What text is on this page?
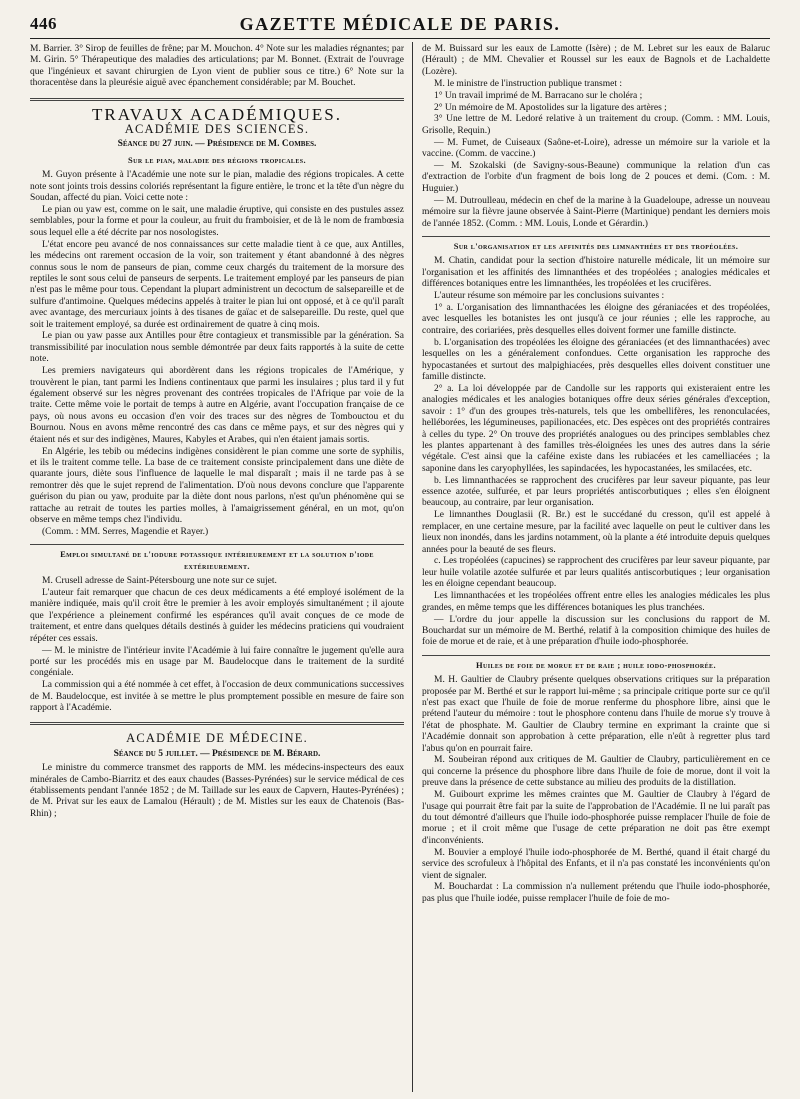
446	GAZETTE MÉDICALE DE PARIS.

M. Barrier. 3° Sirop de feuilles de frêne; par M. Mouchon. 4° Note sur les maladies régnantes; par M. Girin. 5° Thérapeutique des maladies des articulations; par M. Bonnet. (Extrait de l'ouvrage que l'ingénieux et savant chirurgien de Lyon vient de publier sous ce titre.) 6° Note sur la thoracentèse dans la pleurésie aiguë avec épanchement considérable; par M. Bouchet.

TRAVAUX ACADÉMIQUES.
ACADÉMIE DES SCIENCES.
Séance du 27 juin. — Présidence de M. Combes.
Sur le pian, maladie des régions tropicales.

M. Guyon présente à l'Académie une note sur le pian, maladie des régions tropicales. A cette note sont joints trois dessins coloriés représentant la figure entière, le tronc et la tête d'un nègre du Soudan, affecté du pian. Voici cette note :

Le pian ou yaw est, comme on le sait, une maladie éruptive, qui consiste en des pustules assez semblables, pour la forme et pour la couleur, au fruit du framboisier, et de là le nom de frambœsia sous lequel elle a été décrite par nos nosologistes.

L'état encore peu avancé de nos connaissances sur cette maladie tient à ce que, aux Antilles, les médecins ont rarement occasion de la voir, son traitement y étant abandonné à des nègres connus sous le nom de panseurs de pian, comme ceux chargés du traitement de la morsure des reptiles le sont sous celui de panseurs de serpents. Le traitement employé par les panseurs de pian n'est pas le même pour tous. Cependant la plupart administrent un decoctum de salsepareille et de sulfure d'antimoine. Quelques médecins appelés à traiter le pian lui ont opposé, et à ce qu'il paraît avec avantage, des mercuriaux joints à des tisanes de gaïac et de salsepareille. Du reste, quel que soit le traitement employé, sa durée est ordinairement de quatre à cinq mois.

Le pian ou yaw passe aux Antilles pour être contagieux et transmissible par la génération. Sa transmissibilité par inoculation nous semble démontrée par deux faits rapportés à la suite de cette note.

Les premiers navigateurs qui abordèrent dans les régions tropicales de l'Amérique, y trouvèrent le pian, tant parmi les Indiens continentaux que parmi les insulaires ; plus tard il y fut également observé sur les nègres provenant des contrées tropicales de l'Afrique par voie de la traite. Cette même voie le portait de temps à autre en Algérie, avant l'occupation française de ce pays, où nous avons eu occasion d'en voir des traces sur des nègres de Tombouctou et du Bournou. Nous en avons même rencontré des cas dans ce même pays, et sur des nègres qui y étaient nés et sur des indigènes, Maures, Kabyles et Arabes, qui n'en étaient jamais sortis.

En Algérie, les tebib ou médecins indigènes considèrent le pian comme une sorte de syphilis, et ils le traitent comme telle. La base de ce traitement consiste principalement dans une diète de quarante jours, diète sous l'influence de laquelle le mal disparaît ; mais il ne tarde pas à se remontrer dès que le sujet reprend de l'alimentation. D'où nous devons conclure que l'apparente guérison du pian ou yaw, produite par la diète dont nous parlons, n'est qu'un phénomène qui se rattache au retrait de toutes les parties molles, à l'amaigrissement général, en un mot, qu'on observe en même temps chez l'individu.

(Comm. : MM. Serres, Magendie et Rayer.)

Emploi simultané de l'iodure potassique intérieurement et la solution d'iode extérieurement.

M. Crusell adresse de Saint-Pétersbourg une note sur ce sujet.

L'auteur fait remarquer que chacun de ces deux médicaments a été employé isolément de la manière indiquée, mais qu'il croit être le premier à les avoir employés simultanément ; il ajoute que l'expérience a pleinement confirmé les espérances qu'il avait conçues de ce mode de traitement, et entre dans quelques détails destinés à guider les médecins praticiens qui voudraient répéter ces essais.

— M. le ministre de l'intérieur invite l'Académie à lui faire connaître le jugement qu'elle aura porté sur les procédés mis en usage par M. Baudelocque dans le traitement de la surdité congéniale.

La commission qui a été nommée à cet effet, à l'occasion de deux communications successives de M. Baudelocque, est invitée à se mettre le plus promptement possible en mesure de faire son rapport à l'Académie.

ACADÉMIE DE MÉDECINE.
Séance du 5 juillet. — Présidence de M. Bérard.

Le ministre du commerce transmet des rapports de MM. les médecins-inspecteurs des eaux minérales de Cambo-Biarritz et des eaux chaudes (Basses-Pyrénées) sur le service médical de ces établissements pendant l'année 1852 ; de M. Taillade sur les eaux de Capvern, Hautes-Pyrénées) ; de M. Privat sur les eaux de Lamalou (Hérault) ; de M. Mistles sur les eaux de Chatenois (Bas-Rhin) ;

de M. Buissard sur les eaux de Lamotte (Isère) ; de M. Lebret sur les eaux de Balaruc (Hérault) ; de MM. Chevalier et Roussel sur les eaux de Bagnols et de Lachaldette (Lozère).

M. le ministre de l'instruction publique transmet :

1° Un travail imprimé de M. Barracano sur le choléra ;

2° Un mémoire de M. Apostolides sur la ligature des artères ;

3° Une lettre de M. Ledoré relative à un traitement du croup. (Comm. : MM. Louis, Grisolle, Requin.)

— M. Fumet, de Cuiseaux (Saône-et-Loire), adresse un mémoire sur la variole et la vaccine. (Comm. de vaccine.)

— M. Szokalski (de Savigny-sous-Beaune) communique la relation d'un cas d'extraction de l'orbite d'un fragment de bois long de 2 pouces et demi. (Com. : M. Huguier.)

— M. Dutroulleau, médecin en chef de la marine à la Guadeloupe, adresse un nouveau mémoire sur la fièvre jaune observée à Saint-Pierre (Martinique) pendant les derniers mois de l'année 1852. (Comm. : MM. Louis, Londe et Gérardin.)

Sur l'organisation et les affinités des limnanthées et des tropéolées.

M. Chatin, candidat pour la section d'histoire naturelle médicale, lit un mémoire sur l'organisation et les affinités des limnanthées et des tropéolées ; analogies médicales et différences botaniques entre les limnanthées, les tropéolées et les crucifères.

L'auteur résume son mémoire par les conclusions suivantes :

1° a. L'organisation des limnanthacées les éloigne des géraniacées et des tropéolées, avec lesquelles les botanistes les ont jusqu'à ce jour réunies ; elle les rapproche, au contraire, des coriariées, près desquelles elles doivent former une famille distincte.

b. L'organisation des tropéolées les éloigne des géraniacées (et des limnanthacées) avec lesquelles on les a généralement confondues. Cette organisation les rapproche des hypocastanées et surtout des malpighiacées, près desquelles elles doivent constituer une famille distincte.

2° a. La loi développée par de Candolle sur les rapports qui existeraient entre les analogies médicales et les analogies botaniques offre deux séries générales d'exception, savoir : 1° d'un des groupes très-naturels, tels que les ombellifères, les renonculacées, helléborées, les légumineuses, papilionacées, etc. Des espèces ont des propriétés contraires à celles du type. 2° On trouve des propriétés analogues ou des principes semblables chez les plantes appartenant à des familles très-éloignées les unes des autres dans la série végétale. C'est ainsi que la caféine existe dans les rubiacées et les camelliacées ; la saponine dans les caryophyllées, les sapindacées, les hypocastanées, les smilacées, etc.

b. Les limnanthacées se rapprochent des crucifères par leur saveur piquante, pas leur essence azotée, sulfurée, et par leurs propriétés antiscorbutiques ; elles s'en éloignent beaucoup, au contraire, par leur organisation.

Le limnanthes Douglasii (R. Br.) est le succédané du cresson, qu'il est appelé à remplacer, en une certaine mesure, par la facilité avec laquelle on peut le cultiver dans les lieux non inondés, dans les jardins notamment, où la plante a été introduite depuis quelques années pour la beauté de ses fleurs.

c. Les tropéolées (capucines) se rapprochent des crucifères par leur saveur piquante, par leur huile volatile azotée sulfurée et par leurs qualités antiscorbutiques ; leur organisation les en éloigne cependant beaucoup.

Les limnanthacées et les tropéolées offrent entre elles les analogies médicales les plus grandes, en même temps que les différences botaniques les plus tranchées.

— L'ordre du jour appelle la discussion sur les conclusions du rapport de M. Bouchardat sur un mémoire de M. Berthé, relatif à la composition chimique des huiles de foie de morue et de raie, et à une préparation d'huile iodo-phosphorée.

Huiles de foie de morue et de raie ; huile iodo-phosphorée.

M. H. Gaultier de Claubry présente quelques observations critiques sur la préparation proposée par M. Berthé et sur le rapport lui-même ; sa principale critique porte sur ce qu'il n'est pas exact que l'huile de foie de morue renferme du phosphore libre, ainsi que le prétend l'auteur du mémoire : tout le phosphore contenu dans l'huile de morue s'y trouve à l'état de phosphate. M. Gaultier de Claubry termine en exprimant la crainte que si l'Académie donnait son approbation à cette préparation, elle n'eût à regretter plus tard l'abus qu'on en pourrait faire.

M. Soubeiran répond aux critiques de M. Gaultier de Claubry, particulièrement en ce qui concerne la présence du phosphore libre dans l'huile de foie de morue, dont il voit la preuve dans la présence de cette substance au milieu des produits de la distillation.

M. Guibourt exprime les mêmes craintes que M. Gaultier de Claubry à l'égard de l'usage qui pourrait être fait par la suite de l'approbation de l'Académie. Il ne lui paraît pas du tout démontré d'ailleurs que l'huile iodo-phosphorée puisse remplacer l'huile de foie de morue ; et il croit même que l'usage de cette préparation ne doit pas être exempt d'inconvénients.

M. Bouvier a employé l'huile iodo-phosphorée de M. Berthé, quand il était chargé du service des scrofuleux à l'hôpital des Enfants, et il n'a pas constaté les inconvénients qu'on vient de signaler.

M. Bouchardat : La commission n'a nullement prétendu que l'huile iodo-phosphorée, pas plus que l'huile iodée, puisse remplacer l'huile de foie de mo-
